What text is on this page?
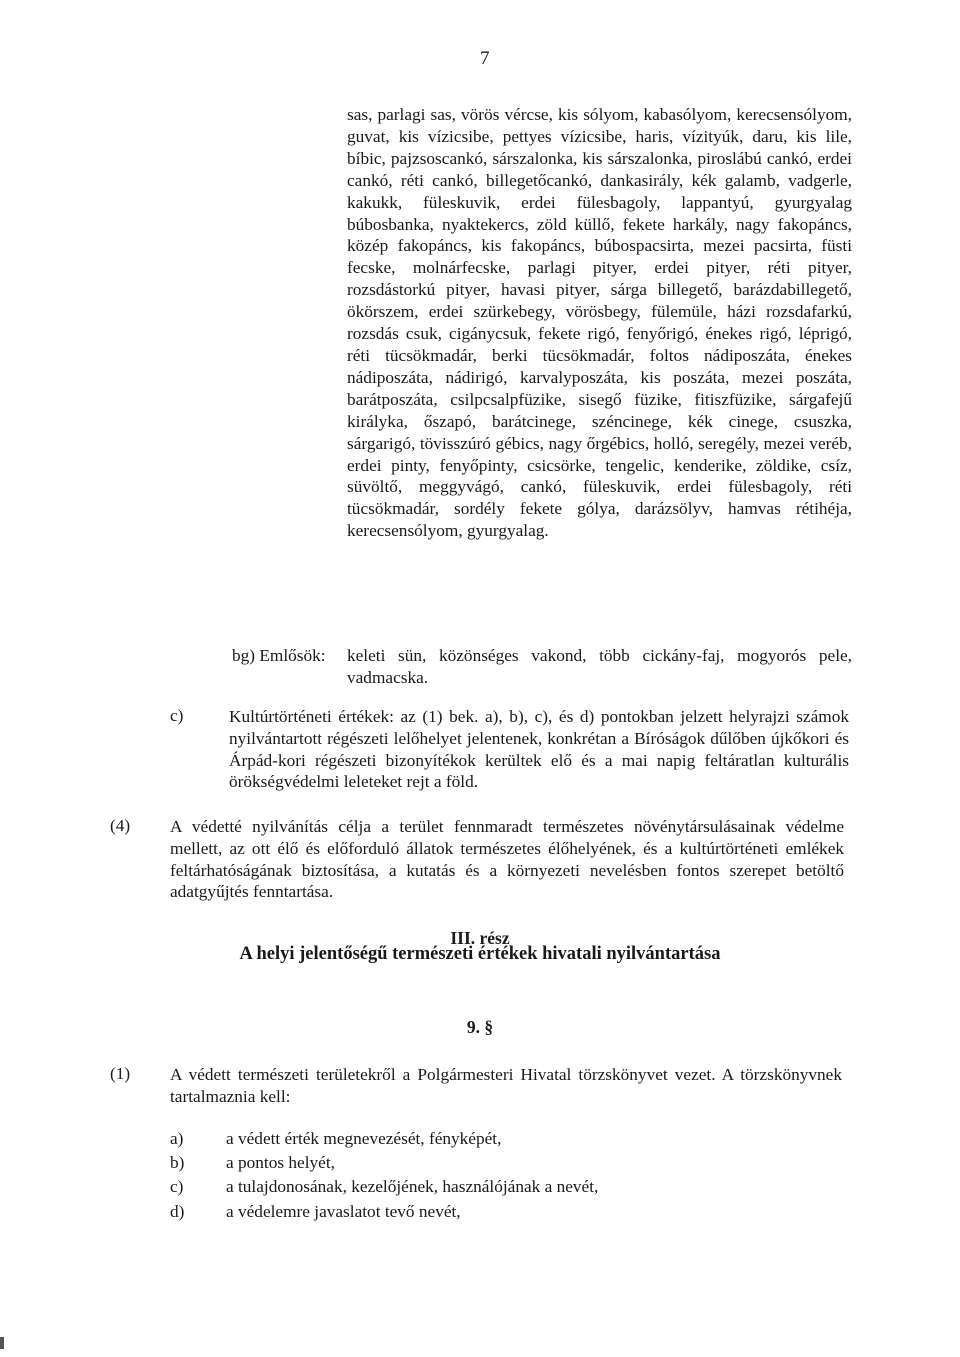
7
sas, parlagi sas, vörös vércse, kis sólyom, kabasólyom, kerecsensólyom, guvat, kis vízicsibe, pettyes vízicsibe, haris, vízityúk, daru, kis lile, bíbic, pajzsoscankó, sárszalonka, kis sárszalonka, piroslábú cankó, erdei cankó, réti cankó, billegetőcankó, dankasirály, kék galamb, vadgerle, kakukk, füleskuvik, erdei fülesbagoly, lappantyú, gyurgyalag búbosbanka, nyaktekercs, zöld küllő, fekete harkály, nagy fakopáncs, közép fakopáncs, kis fakopáncs, búbospacsirta, mezei pacsirta, füsti fecske, molnárfecske, parlagi pityer, erdei pityer, réti pityer, rozsdástorkú pityer, havasi pityer, sárga billegető, barázdabillegető, ökörszem, erdei szürkebegy, vörösbegy, fülemüle, házi rozsdafarkú, rozsdás csuk, cigánycsuk, fekete rigó, fenyőrigó, énekes rigó, léprigó, réti tücsökmadár, berki tücsökmadár, foltos nádiposzáta, énekes nádiposzáta, nádirigó, karvalyposzáta, kis poszáta, mezei poszáta, barátposzáta, csilpcsalpfüzike, sisegő füzike, fitiszfüzike, sárgafejű királyka, őszapó, barátcinege, széncinege, kék cinege, csuszka, sárgarigó, tövisszúró gébics, nagy őrgébics, holló, seregély, mezei veréb, erdei pinty, fenyőpinty, csicsörke, tengelic, kenderike, zöldike, csíz, süvöltő, meggyvágó, cankó, füleskuvik, erdei fülesbagoly, réti tücsökmadár, sordély fekete gólya, darázsölyv, hamvas rétihéja, kerecsensólyom, gyurgyalag.
bg) Emlősök: keleti sün, közönséges vakond, több cickány-faj, mogyorós pele, vadmacska.
c)	Kultúrtörténeti értékek: az (1) bek. a), b), c), és d) pontokban jelzett helyrajzi számok nyilvántartott régészeti lelőhelyet jelentenek, konkrétan a Bíróságok dűlőben újkőkori és Árpád-kori régészeti bizonyítékok kerültek elő és a mai napig feltáratlan kulturális örökségvédelmi leleteket rejt a föld.
(4) A védetté nyilvánítás célja a terület fennmaradt természetes növénytársulásainak védelme mellett, az ott élő és előforduló állatok természetes élőhelyének, és a kultúrtörténeti emlékek feltárhatóságának biztosítása, a kutatás és a környezeti nevelésben fontos szerepet betöltő adatgyűjtés fenntartása.
III. rész
A helyi jelentőségű természeti értékek hivatali nyilvántartása
9. §
(1) A védett természeti területekről a Polgármesteri Hivatal törzskönyvet vezet. A törzskönyvnek tartalmaznia kell:
a)	a védett érték megnevezését, fényképét,
b)	a pontos helyét,
c)	a tulajdonosának, kezelőjének, használójának a nevét,
d)	a védelemre javaslatot tevő nevét,
